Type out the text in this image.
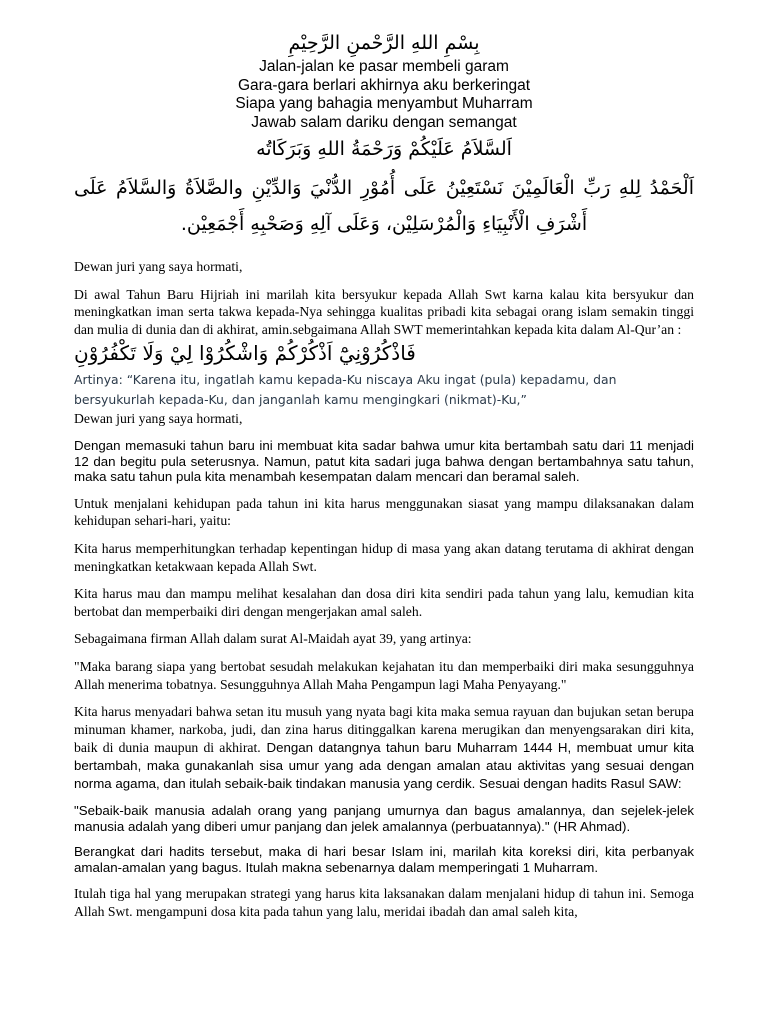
بِسْمِ اللهِ الرَّحْمنِ الرَّحِيْمِ
Jalan-jalan ke pasar membeli garam
Gara-gara berlari akhirnya aku berkeringat
Siapa yang bahagia menyambut Muharram
Jawab salam dariku dengan semangat
اَلسَّلاَمُ عَلَيْكُمْ وَرَحْمَةُ اللهِ وَبَرَكَاتُه
اَلْحَمْدُ لِلهِ رَبِّ الْعَالَمِيْنَ نَسْتَعِيْنُ عَلَى أُمُوْرِ الدُّنْيَ وَالدِّيْنِ والصَّلاَةُ وَالسَّلاَمُ عَلَى أَشْرَفِ الْأَنْبِيَاءِ وَالْمُرْسَلِيْن، وَعَلَى آلِهِ وَصَحْبِهِ أَجْمَعِيْن.

Dewan juri yang saya hormati,

Di awal Tahun Baru Hijriah ini marilah kita bersyukur kepada Allah Swt karna kalau kita bersyukur dan meningkatkan iman serta takwa kepada-Nya sehingga kualitas pribadi kita sebagai orang islam semakin tinggi dan mulia di dunia dan di akhirat, amin.sebgaimana Allah SWT memerintahkan kepada kita dalam Al-Qur’an :

فَاذْكُرُوْنِيْٓ اَذْكُرْكُمْ وَاشْكُرُوْا لِيْ وَلَا تَكْفُرُوْنِ

Artinya: “Karena itu, ingatlah kamu kepada-Ku niscaya Aku ingat (pula) kepadamu, dan bersyukurlah kepada-Ku, dan janganlah kamu mengingkari (nikmat)-Ku,”

Dewan juri yang saya hormati,

Dengan memasuki tahun baru ini membuat kita sadar bahwa umur kita bertambah satu dari 11 menjadi 12 dan begitu pula seterusnya. Namun, patut kita sadari juga bahwa dengan bertambahnya satu tahun, maka satu tahun pula kita menambah kesempatan dalam mencari dan beramal saleh.

Untuk menjalani kehidupan pada tahun ini kita harus menggunakan siasat yang mampu dilaksanakan dalam kehidupan sehari-hari, yaitu:

Kita harus memperhitungkan terhadap kepentingan hidup di masa yang akan datang terutama di akhirat dengan meningkatkan ketakwaan kepada Allah Swt.

Kita harus mau dan mampu melihat kesalahan dan dosa diri kita sendiri pada tahun yang lalu, kemudian kita bertobat dan memperbaiki diri dengan mengerjakan amal saleh.

Sebagaimana firman Allah dalam surat Al-Maidah ayat 39, yang artinya:

"Maka barang siapa yang bertobat sesudah melakukan kejahatan itu dan memperbaiki diri maka sesungguhnya Allah menerima tobatnya. Sesungguhnya Allah Maha Pengampun lagi Maha Penyayang."

Kita harus menyadari bahwa setan itu musuh yang nyata bagi kita maka semua rayuan dan bujukan setan berupa minuman khamer, narkoba, judi, dan zina harus ditinggalkan karena merugikan dan menyengsarakan diri kita, baik di dunia maupun di akhirat. Dengan datangnya tahun baru Muharram 1444 H, membuat umur kita bertambah, maka gunakanlah sisa umur yang ada dengan amalan atau aktivitas yang sesuai dengan norma agama, dan itulah sebaik-baik tindakan manusia yang cerdik. Sesuai dengan hadits Rasul SAW:

"Sebaik-baik manusia adalah orang yang panjang umurnya dan bagus amalannya, dan sejelek-jelek manusia adalah yang diberi umur panjang dan jelek amalannya (perbuatannya)." (HR Ahmad).

Berangkat dari hadits tersebut, maka di hari besar Islam ini, marilah kita koreksi diri, kita perbanyak amalan-amalan yang bagus. Itulah makna sebenarnya dalam memperingati 1 Muharram.

Itulah tiga hal yang merupakan strategi yang harus kita laksanakan dalam menjalani hidup di tahun ini. Semoga Allah Swt. mengampuni dosa kita pada tahun yang lalu, meridai ibadah dan amal saleh kita,
